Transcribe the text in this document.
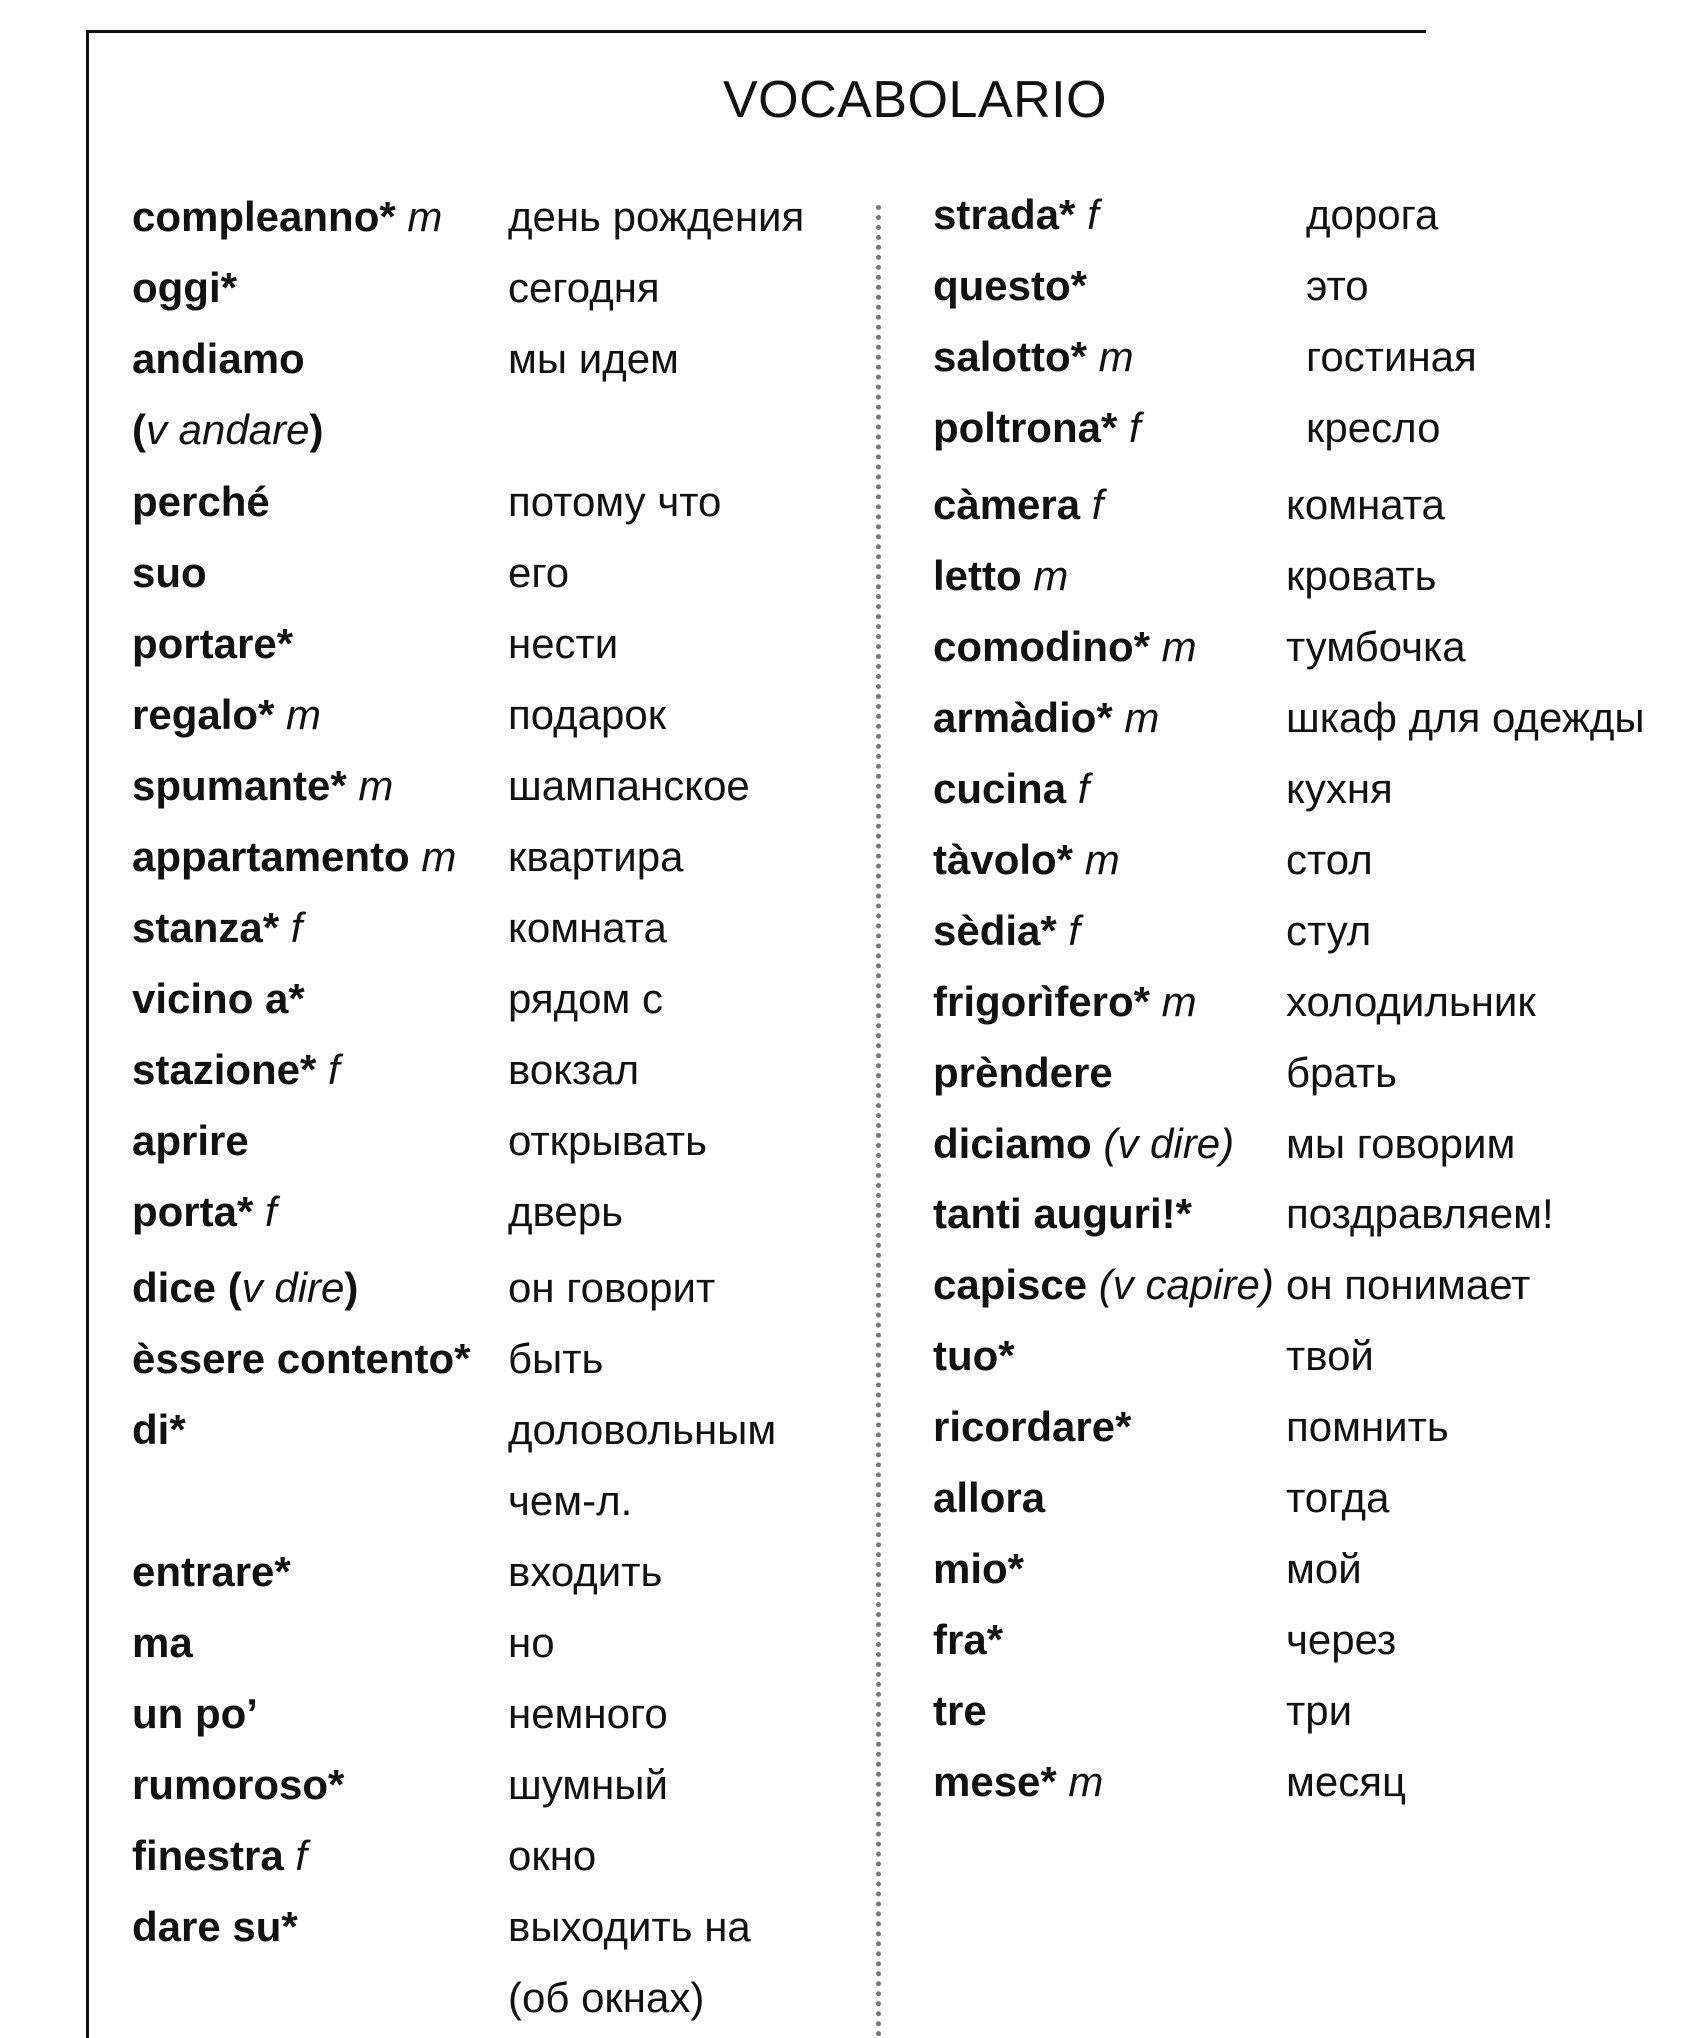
VOCABOLARIO
compleanno* m день рождения
oggi*	сегодня
andiamo	мы идем
(v andare)
perché	потому что
suo	его
portare*	нести
regalo* m	подарок
spumante* m	шампанское
appartamento m квартира
stanza* f	комната
vicino a*	рядом с
stazione* f	вокзал
aprire	открывать
porta* f	дверь
dice (v dire)	он говорит
èssere contento* быть
di*	доловольным
чем-л.
entrare*	входить
ma	но
un po’	немного
rumoroso*	шумный
finestra f	окно
dare su*	выходить на
(об окнах)
strada* f	дорога
questo*	это
salotto* m	гостиная
poltrona* f	кресло
càmera f	комната
letto m	кровать
comodino* m тумбочка
armàdio* m	шкаф для одежды
cucina f	кухня
tàvolo* m	стол
sèdia* f	стул
frigorìfero* m холодильник
prèndere	брать
diciamo (v dire) мы говорим
tanti auguri!* поздравляем!
capisce (v capire) он понимает
tuo*	твой
ricordare*	помнить
allora	тогда
mio*	мой
fra*	через
tre	три
mese* m	месяц
